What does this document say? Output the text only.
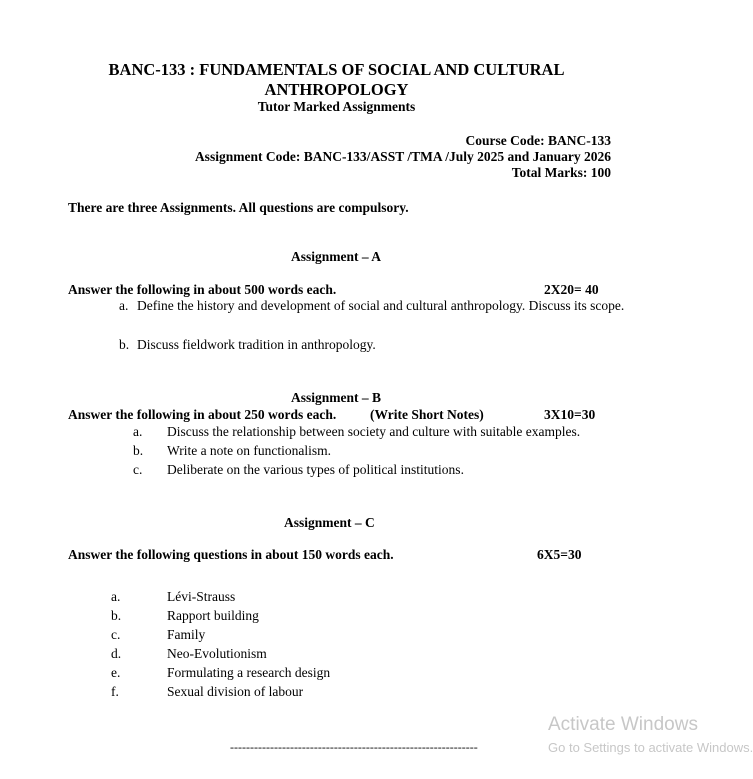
BANC-133 : FUNDAMENTALS OF SOCIAL AND CULTURAL
ANTHROPOLOGY
Tutor Marked Assignments
Course Code: BANC-133
Assignment Code: BANC-133/ASST /TMA /July 2025 and January 2026
Total Marks: 100
There are three Assignments. All questions are compulsory.
Assignment – A
Answer the following in about 500 words each.	2X20= 40
a. Define the history and development of social and cultural anthropology. Discuss its scope.
b. Discuss fieldwork tradition in anthropology.
Assignment – B
Answer the following in about 250 words each. (Write Short Notes)	3X10=30
a. Discuss the relationship between society and culture with suitable examples.
b. Write a note on functionalism.
c. Deliberate on the various types of political institutions.
Assignment – C
Answer the following questions in about 150 words each.	6X5=30
a.	Lévi-Strauss
b.	Rapport building
c.	Family
d.	Neo-Evolutionism
e.	Formulating a research design
f.	Sexual division of labour
--------------------------------------------------------------
Activate Windows
Go to Settings to activate Windows.
